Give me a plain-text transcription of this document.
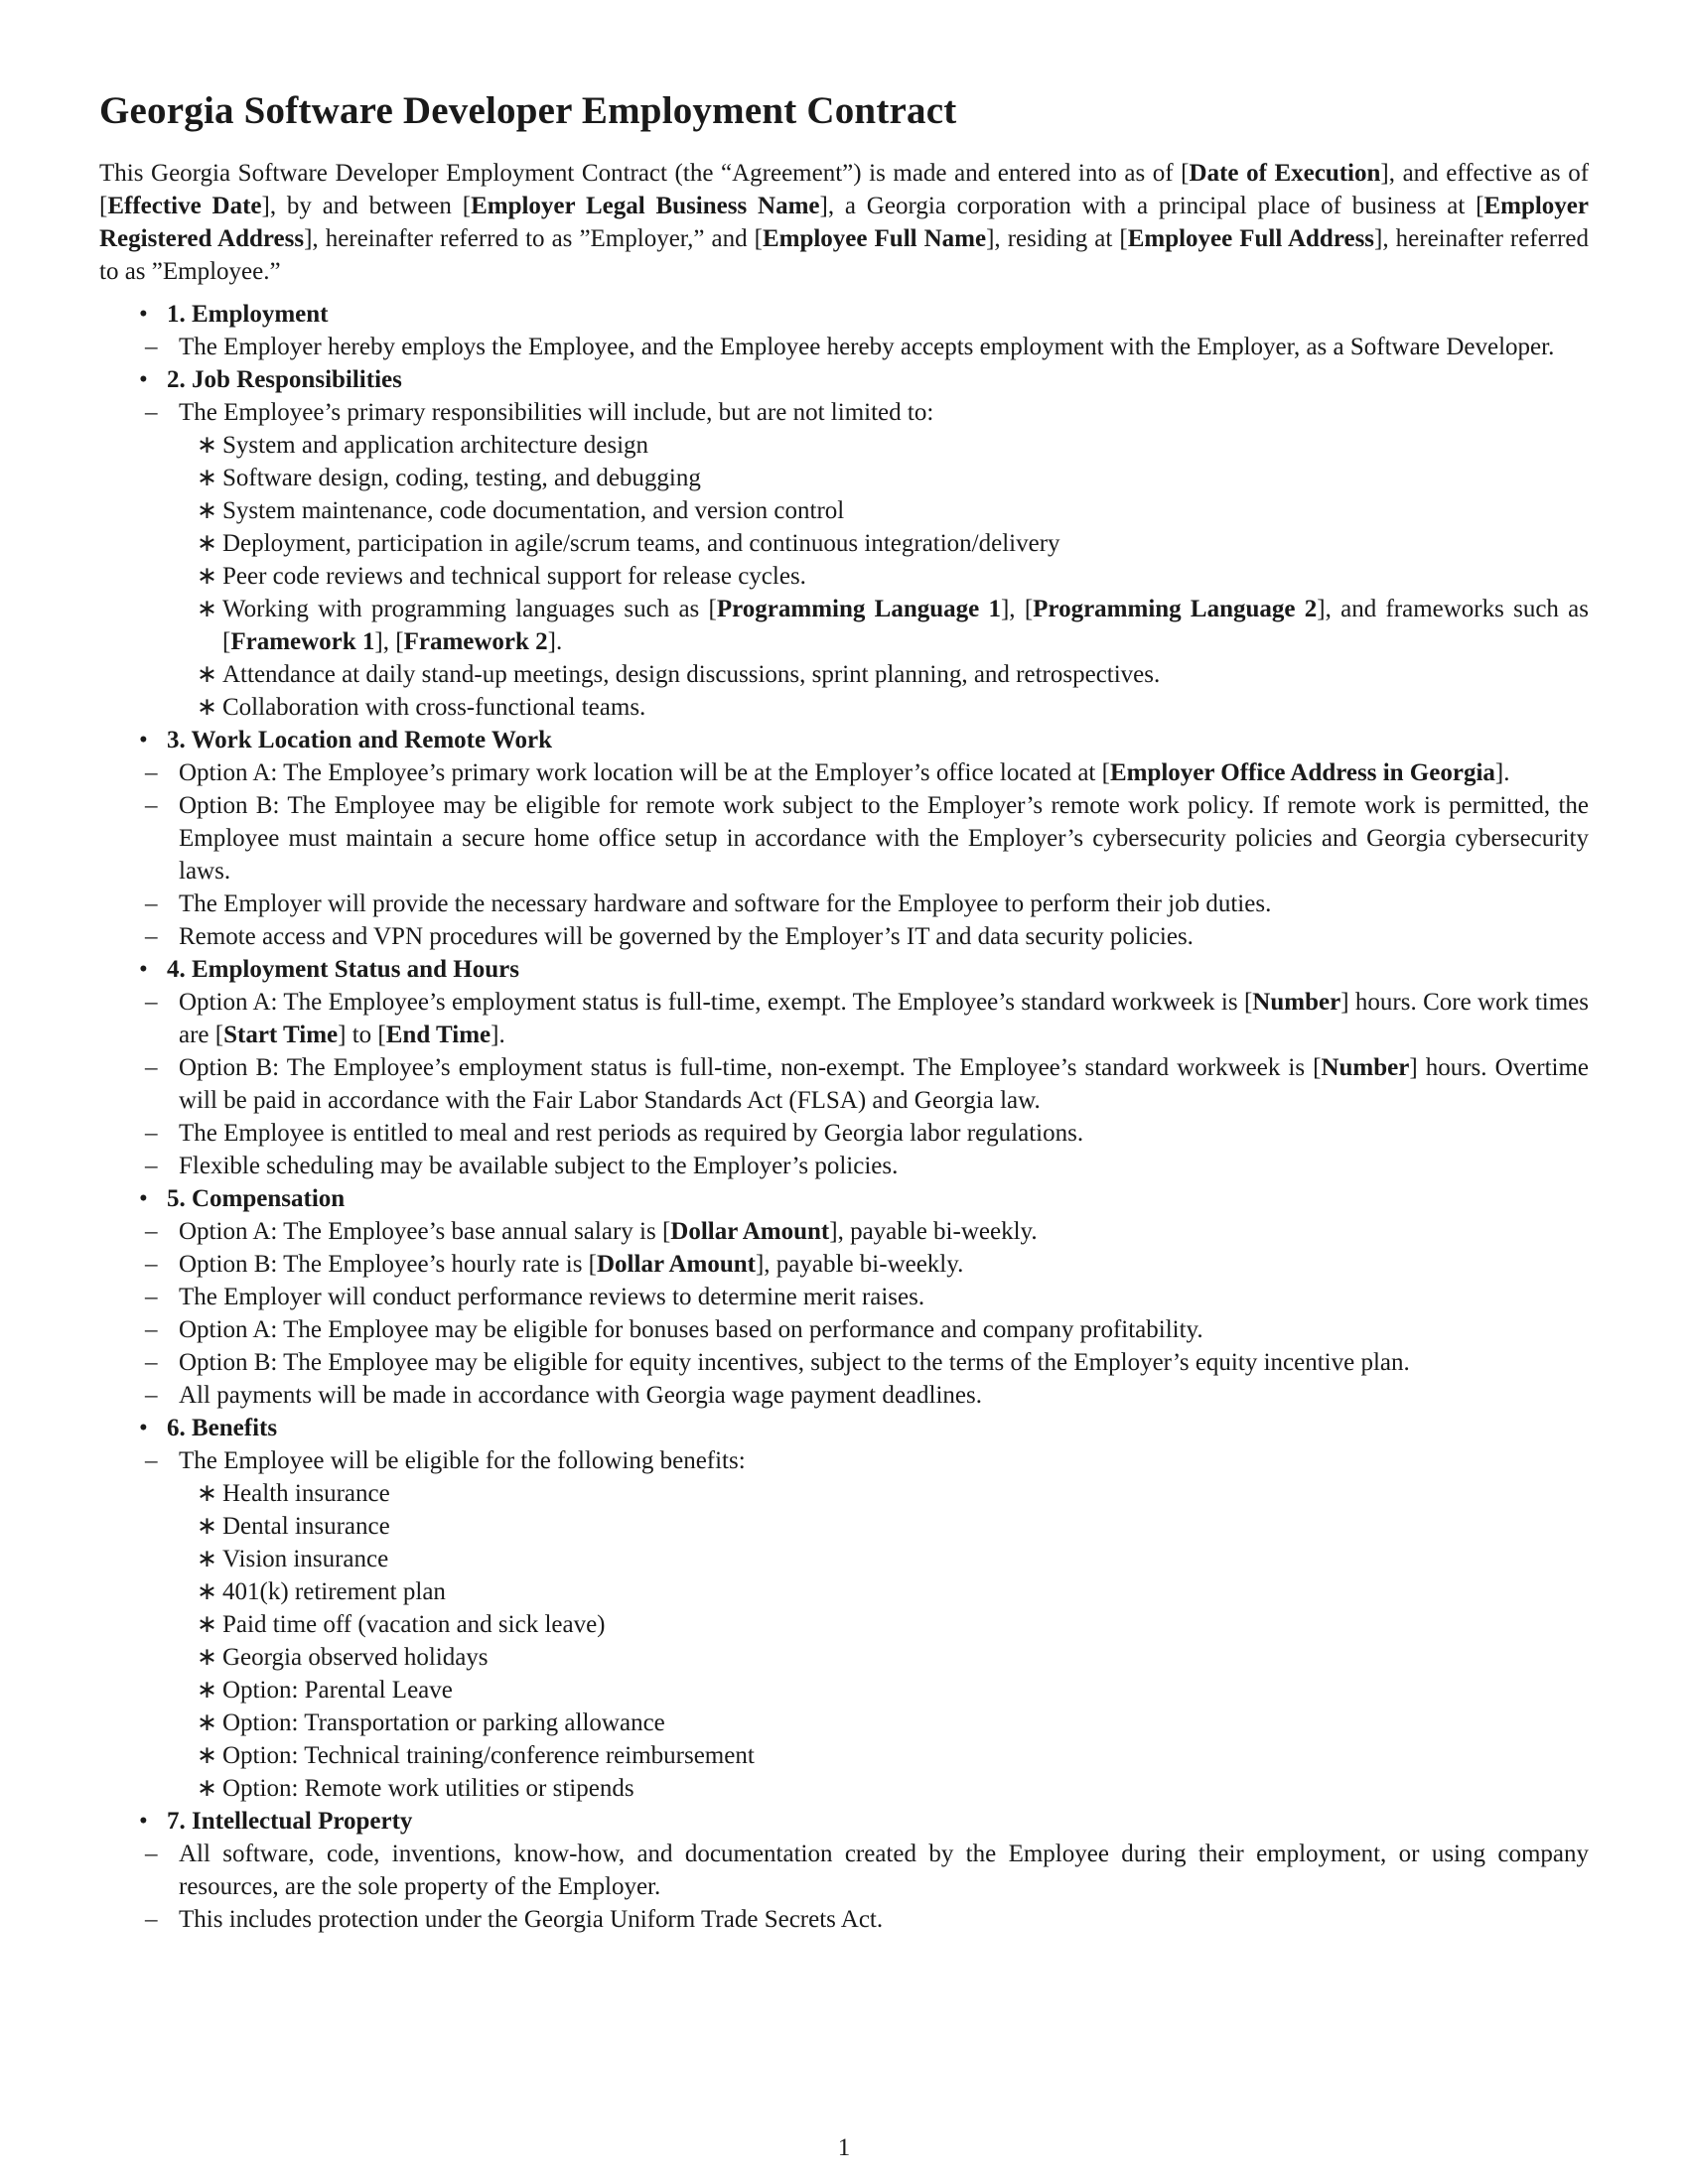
Georgia Software Developer Employment Contract

This Georgia Software Developer Employment Contract (the “Agreement”) is made and entered into as of [Date of Execution], and effective as of [Effective Date], by and between [Employer Legal Business Name], a Georgia corporation with a principal place of business at [Employer Registered Address], hereinafter referred to as ”Employer,” and [Employee Full Name], residing at [Employee Full Address], hereinafter referred to as ”Employee.”

• 1. Employment
– The Employer hereby employs the Employee, and the Employee hereby accepts employment with the Employer, as a Software Developer.
• 2. Job Responsibilities
– The Employee’s primary responsibilities will include, but are not limited to:
∗ System and application architecture design
∗ Software design, coding, testing, and debugging
∗ System maintenance, code documentation, and version control
∗ Deployment, participation in agile/scrum teams, and continuous integration/delivery
∗ Peer code reviews and technical support for release cycles.
∗ Working with programming languages such as [Programming Language 1], [Programming Language 2], and frameworks such as [Framework 1], [Framework 2].
∗ Attendance at daily stand-up meetings, design discussions, sprint planning, and retrospectives.
∗ Collaboration with cross-functional teams.
• 3. Work Location and Remote Work
– Option A: The Employee’s primary work location will be at the Employer’s office located at [Employer Office Address in Georgia].
– Option B: The Employee may be eligible for remote work subject to the Employer’s remote work policy. If remote work is permitted, the Employee must maintain a secure home office setup in accordance with the Employer’s cybersecurity policies and Georgia cybersecurity laws.
– The Employer will provide the necessary hardware and software for the Employee to perform their job duties.
– Remote access and VPN procedures will be governed by the Employer’s IT and data security policies.
• 4. Employment Status and Hours
– Option A: The Employee’s employment status is full-time, exempt. The Employee’s standard workweek is [Number] hours. Core work times are [Start Time] to [End Time].
– Option B: The Employee’s employment status is full-time, non-exempt. The Employee’s standard workweek is [Number] hours. Overtime will be paid in accordance with the Fair Labor Standards Act (FLSA) and Georgia law.
– The Employee is entitled to meal and rest periods as required by Georgia labor regulations.
– Flexible scheduling may be available subject to the Employer’s policies.
• 5. Compensation
– Option A: The Employee’s base annual salary is [Dollar Amount], payable bi-weekly.
– Option B: The Employee’s hourly rate is [Dollar Amount], payable bi-weekly.
– The Employer will conduct performance reviews to determine merit raises.
– Option A: The Employee may be eligible for bonuses based on performance and company profitability.
– Option B: The Employee may be eligible for equity incentives, subject to the terms of the Employer’s equity incentive plan.
– All payments will be made in accordance with Georgia wage payment deadlines.
• 6. Benefits
– The Employee will be eligible for the following benefits:
∗ Health insurance
∗ Dental insurance
∗ Vision insurance
∗ 401(k) retirement plan
∗ Paid time off (vacation and sick leave)
∗ Georgia observed holidays
∗ Option: Parental Leave
∗ Option: Transportation or parking allowance
∗ Option: Technical training/conference reimbursement
∗ Option: Remote work utilities or stipends
• 7. Intellectual Property
– All software, code, inventions, know-how, and documentation created by the Employee during their employment, or using company resources, are the sole property of the Employer.
– This includes protection under the Georgia Uniform Trade Secrets Act.
1
